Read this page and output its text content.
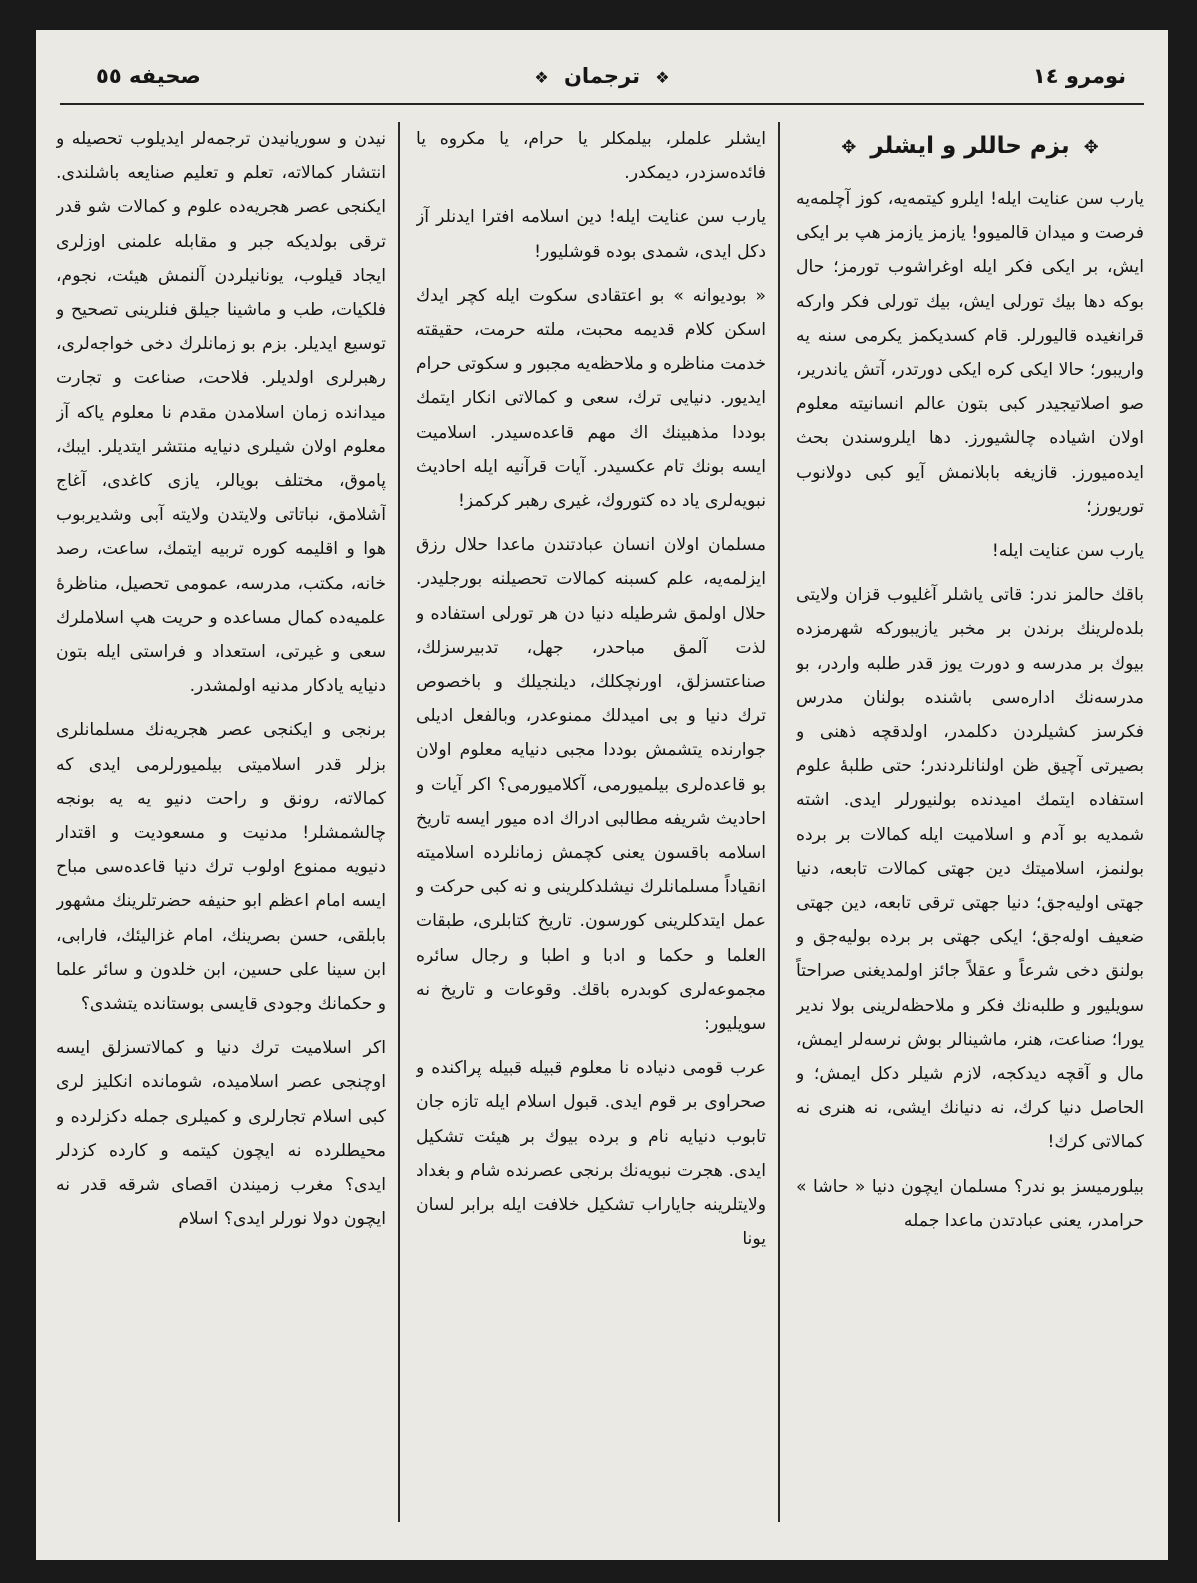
نومرو ١٤
❖ ترجمان ❖
صحيفه ٥٥

✥ بزم حاللر و ايشلر ✥

يارب سن عنايت ايله! ايلرو كيتمه‌يه، كوز آچلمه‌يه فرصت و ميدان قالميوو! يازمز يازمز هپ بر ايكى ايش، بر ايكى فكر ايله اوغراشوب تورمز؛ حال بوكه دها بيك تورلى ايش، بيك تورلى فكر واركه قرانغيده قاليورلر. قام كسديكمز يكرمى سنه يه واريبور؛ حالا ايكى كره ايكى دورتدر، آتش ياندرير، صو اصلاتيجيدر كبى بتون عالم انسانيته معلوم اولان اشياده چالشيورز. دها ايلروسندن بحث ايده‌ميورز. قازيغه بابلانمش آيو كبى دولانوب توريورز؛

يارب سن عنايت ايله!

باقك حالمز ندر: قاتى ياشلر آغليوب قزان ولايتى بلده‌لرينك برندن بر مخبر يازيبوركه شهرمزده بيوك بر مدرسه و دورت يوز قدر طلبه واردر، بو مدرسه‌نك اداره‌سى باشنده بولنان مدرس فكرسز كشيلردن دكلمدر، اولدقچه ذهنى و بصيرتى آچيق ظن اولنانلردندر؛ حتى طلبهٔ علوم استفاده ايتمك اميدنده بولنيورلر ايدى. اشته شمديه بو آدم و اسلاميت ايله كمالات بر برده بولنمز، اسلاميتك دين جهتى كمالات تابعه، دنيا جهتى اوليه‌جق؛ دنيا جهتى ترقى تابعه، دين جهتى ضعيف اوله‌جق؛ ايكى جهتى بر برده بوليه‌جق و بولنق دخى شرعاً و عقلاً جائز اولمديغنى صراحتاً سويليور و طلبه‌نك فكر و ملاحظه‌لرينى بولا ندير يورا؛ صناعت، هنر، ماشينالر بوش نرسه‌لر ايمش، مال و آقچه ديدكجه، لازم شيلر دكل ايمش؛ و الحاصل دنيا كرك، نه دنيانك ايشى، نه هنرى نه كمالاتى كرك!

بيلورميسز بو ندر؟ مسلمان ايچون دنيا « حاشا » حرامدر، يعنى عبادتدن ماعدا جمله

ايشلر علملر، بيلمكلر يا حرام، يا مكروه يا فائده‌سزدر، ديمكدر.

يارب سن عنايت ايله! دين اسلامه افترا ايدنلر آز دكل ايدى، شمدى بوده قوشليور!

« بوديوانه » بو اعتقادى سكوت ايله كچر ايدك اسكن كلام قديمه محبت، ملته حرمت، حقيقته خدمت مناظره و ملاحظه‌يه مجبور و سكوتى حرام ايديور. دنيايى ترك، سعى و كمالاتى انكار ايتمك بوددا مذهبينك اك مهم قاعده‌سيدر. اسلاميت ايسه بونك تام عكسيدر. آيات قرآنيه ايله احاديث نبويه‌لرى ياد ده كتوروك، غيرى رهبر كركمز!

مسلمان اولان انسان عبادتندن ماعدا حلال رزق ايزلمه‌يه، علم كسبنه كمالات تحصيلنه بورجليدر. حلال اولمق شرطيله دنيا دن هر تورلى استفاده و لذت آلمق مباحدر، جهل، تدبيرسزلك، صناعتسزلق، اورنچكلك، ديلنجيلك و باخصوص ترك دنيا و بى اميدلك ممنوعدر، وبالفعل اديلى جوارنده يتشمش بوددا مجبى دنيايه معلوم اولان بو قاعده‌لرى بيلميورمى، آكلاميورمى؟ اكر آيات و احاديث شريفه مطالبى ادراك اده ميور ايسه تاريخ اسلامه باقسون يعنى كچمش زمانلرده اسلاميته انقياداً مسلمانلرك نيشلدكلرينى و نه كبى حركت و عمل ايتدكلرينى كورسون. تاريخ كتابلرى، طبقات العلما و حكما و ادبا و اطبا و رجال سائره مجموعه‌لرى كوبدره باقك. وقوعات و تاريخ نه سويليور:

عرب قومى دنياده نا معلوم قبيله قبيله پراكنده و صحراوى بر قوم ايدى. قبول اسلام ايله تازه جان تابوب دنيايه نام و برده بيوك بر هيئت تشكيل ايدى. هجرت نبويه‌نك برنجى عصرنده شام و بغداد ولايتلرينه جاياراب تشكيل خلافت ايله برابر لسان يونا

نيدن و سوريانيدن ترجمه‌لر ايديلوب تحصيله و انتشار كمالاته، تعلم و تعليم صنايعه باشلندى. ايكنجى عصر هجريه‌ده علوم و كمالات شو قدر ترقى بولديكه جبر و مقابله علمنى اوزلرى ايجاد قيلوب، يونانيلردن آلنمش هيئت، نجوم، فلكيات، طب و ماشينا جيلق فنلرينى تصحيح و توسيع ايديلر. بزم بو زمانلرك دخى خواجه‌لرى، رهبرلرى اولديلر. فلاحت، صناعت و تجارت ميدانده زمان اسلامدن مقدم نا معلوم ياكه آز معلوم اولان شيلرى دنيايه منتشر ايتديلر. ايبك، پاموق، مختلف بويالر، يازى كاغدى، آغاج آشلامق، نباتاتى ولايتدن ولايته آبى وشديربوب هوا و اقليمه كوره تربيه ايتمك، ساعت، رصد خانه، مكتب، مدرسه، عمومى تحصيل، مناظرهٔ علميه‌ده كمال مساعده و حريت هپ اسلاملرك سعى و غيرتى، استعداد و فراستى ايله بتون دنيايه يادكار مدنيه اولمشدر.

برنجى و ايكنجى عصر هجريه‌نك مسلمانلرى بزلر قدر اسلاميتى بيلميورلرمى ايدى كه كمالاته، رونق و راحت دنيو يه يه بونجه چالشمشلر! مدنيت و مسعوديت و اقتدار دنيويه ممنوع اولوب ترك دنيا قاعده‌سى مباح ايسه امام اعظم ابو حنيفه حضرتلرينك مشهور بابلقى، حسن بصرينك، امام غزاليئك، فارابى، ابن سينا على حسين، ابن خلدون و سائر علما و حكمانك وجودى قايسى بوستانده يتشدى؟

اكر اسلاميت ترك دنيا و كمالاتسزلق ايسه اوچنجى عصر اسلاميده، شومانده انكليز لرى كبى اسلام تجارلرى و كميلرى جمله دكزلرده و محيطلرده نه ايچون كيتمه و كارده كزدلر ايدى؟ مغرب زميندن اقصاى شرقه قدر نه ايچون دولا نورلر ايدى؟ اسلام
